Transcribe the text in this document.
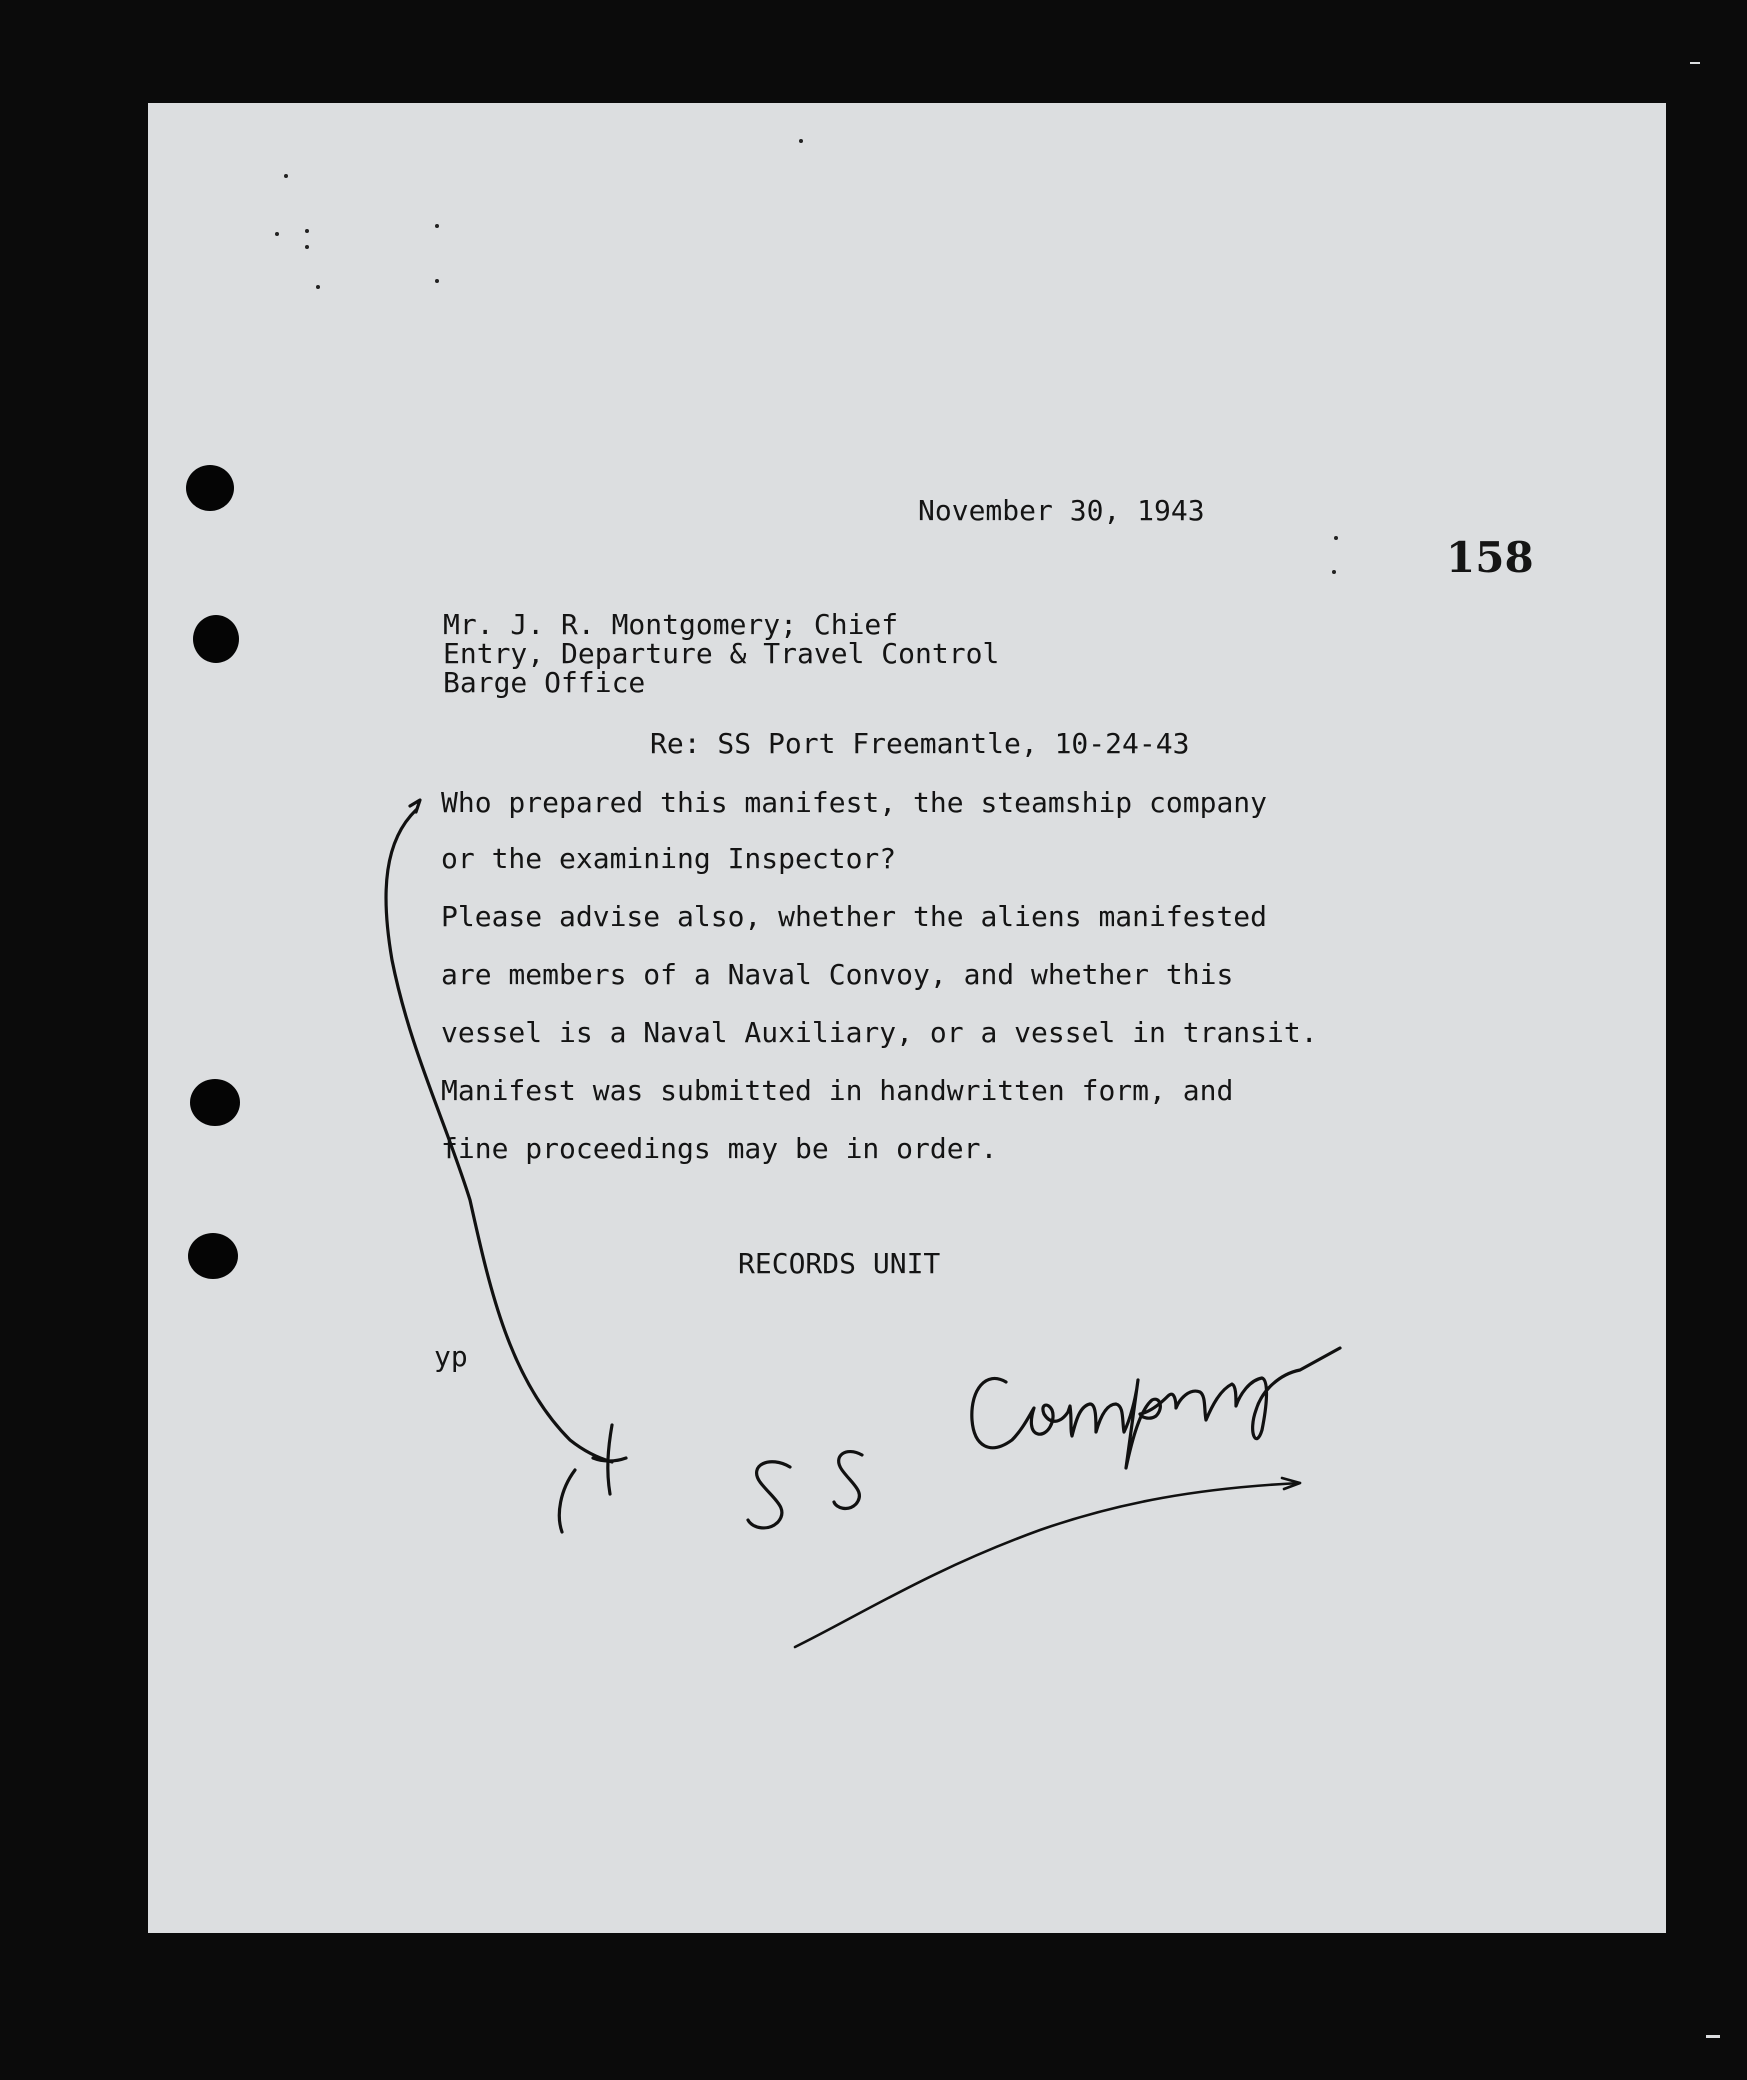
November 30, 1943
158
Mr. J. R. Montgomery; Chief
Entry, Departure & Travel Control
Barge Office
Re: SS Port Freemantle, 10-24-43
Who prepared this manifest, the steamship company
or the examining Inspector?
Please advise also, whether the aliens manifested
are members of a Naval Convoy, and whether this
vessel is a Naval Auxiliary, or a vessel in transit.
Manifest was submitted in handwritten form, and
fine proceedings may be in order.
RECORDS UNIT
yp
